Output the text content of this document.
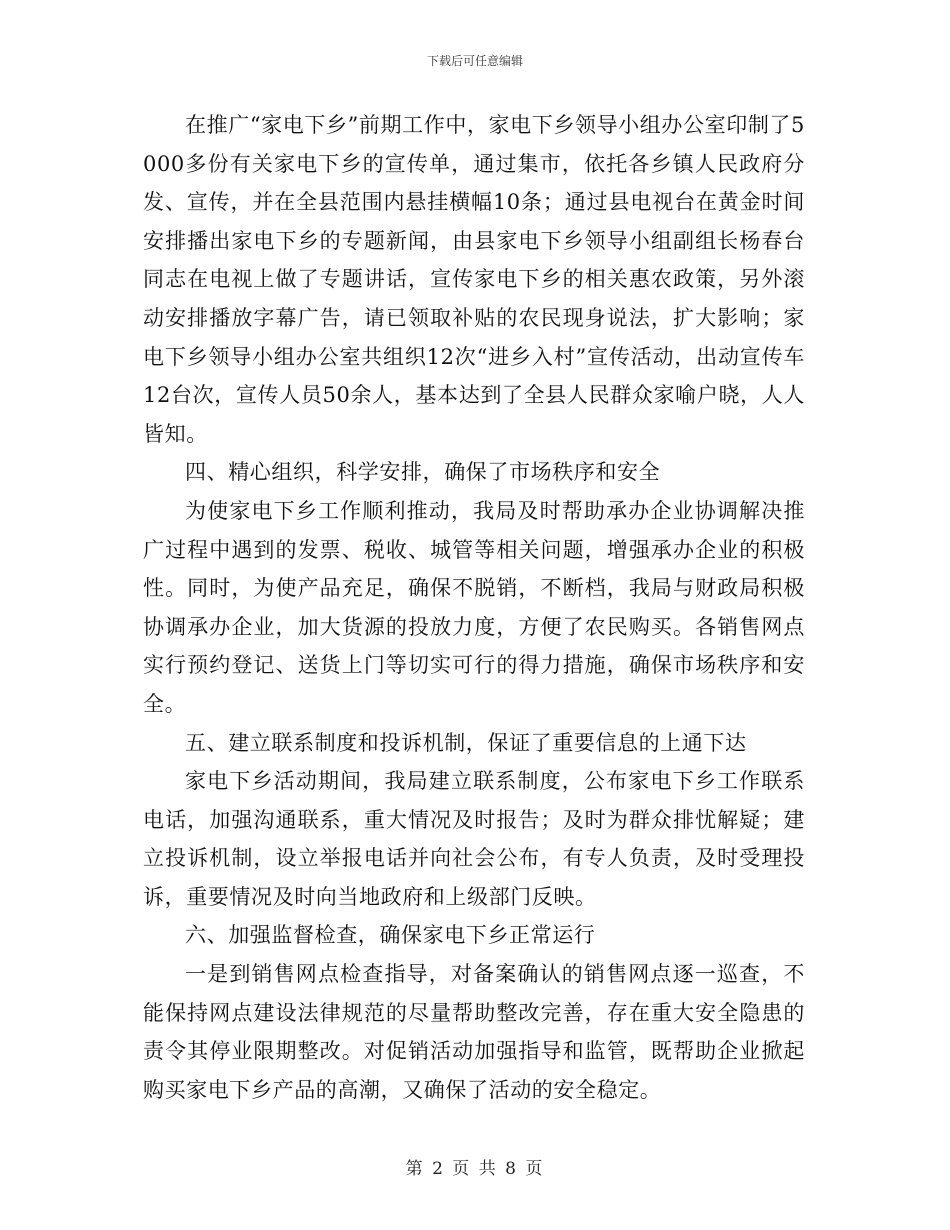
下载后可任意编辑

在推广“家电下乡”前期工作中，家电下乡领导小组办公室印制了5000多份有关家电下乡的宣传单，通过集市，依托各乡镇人民政府分发、宣传，并在全县范围内悬挂横幅10条；通过县电视台在黄金时间安排播出家电下乡的专题新闻，由县家电下乡领导小组副组长杨春台同志在电视上做了专题讲话，宣传家电下乡的相关惠农政策，另外滚动安排播放字幕广告，请已领取补贴的农民现身说法，扩大影响；家电下乡领导小组办公室共组织12次“进乡入村”宣传活动，出动宣传车12台次，宣传人员50余人，基本达到了全县人民群众家喻户晓，人人皆知。

四、精心组织，科学安排，确保了市场秩序和安全

为使家电下乡工作顺利推动，我局及时帮助承办企业协调解决推广过程中遇到的发票、税收、城管等相关问题，增强承办企业的积极性。同时，为使产品充足，确保不脱销，不断档，我局与财政局积极协调承办企业，加大货源的投放力度，方便了农民购买。各销售网点实行预约登记、送货上门等切实可行的得力措施，确保市场秩序和安全。

五、建立联系制度和投诉机制，保证了重要信息的上通下达

家电下乡活动期间，我局建立联系制度，公布家电下乡工作联系电话，加强沟通联系，重大情况及时报告；及时为群众排忧解疑；建立投诉机制，设立举报电话并向社会公布，有专人负责，及时受理投诉，重要情况及时向当地政府和上级部门反映。

六、加强监督检查，确保家电下乡正常运行

一是到销售网点检查指导，对备案确认的销售网点逐一巡查，不能保持网点建设法律规范的尽量帮助整改完善，存在重大安全隐患的责令其停业限期整改。对促销活动加强指导和监管，既帮助企业掀起购买家电下乡产品的高潮，又确保了活动的安全稳定。

第 2 页 共 8 页
